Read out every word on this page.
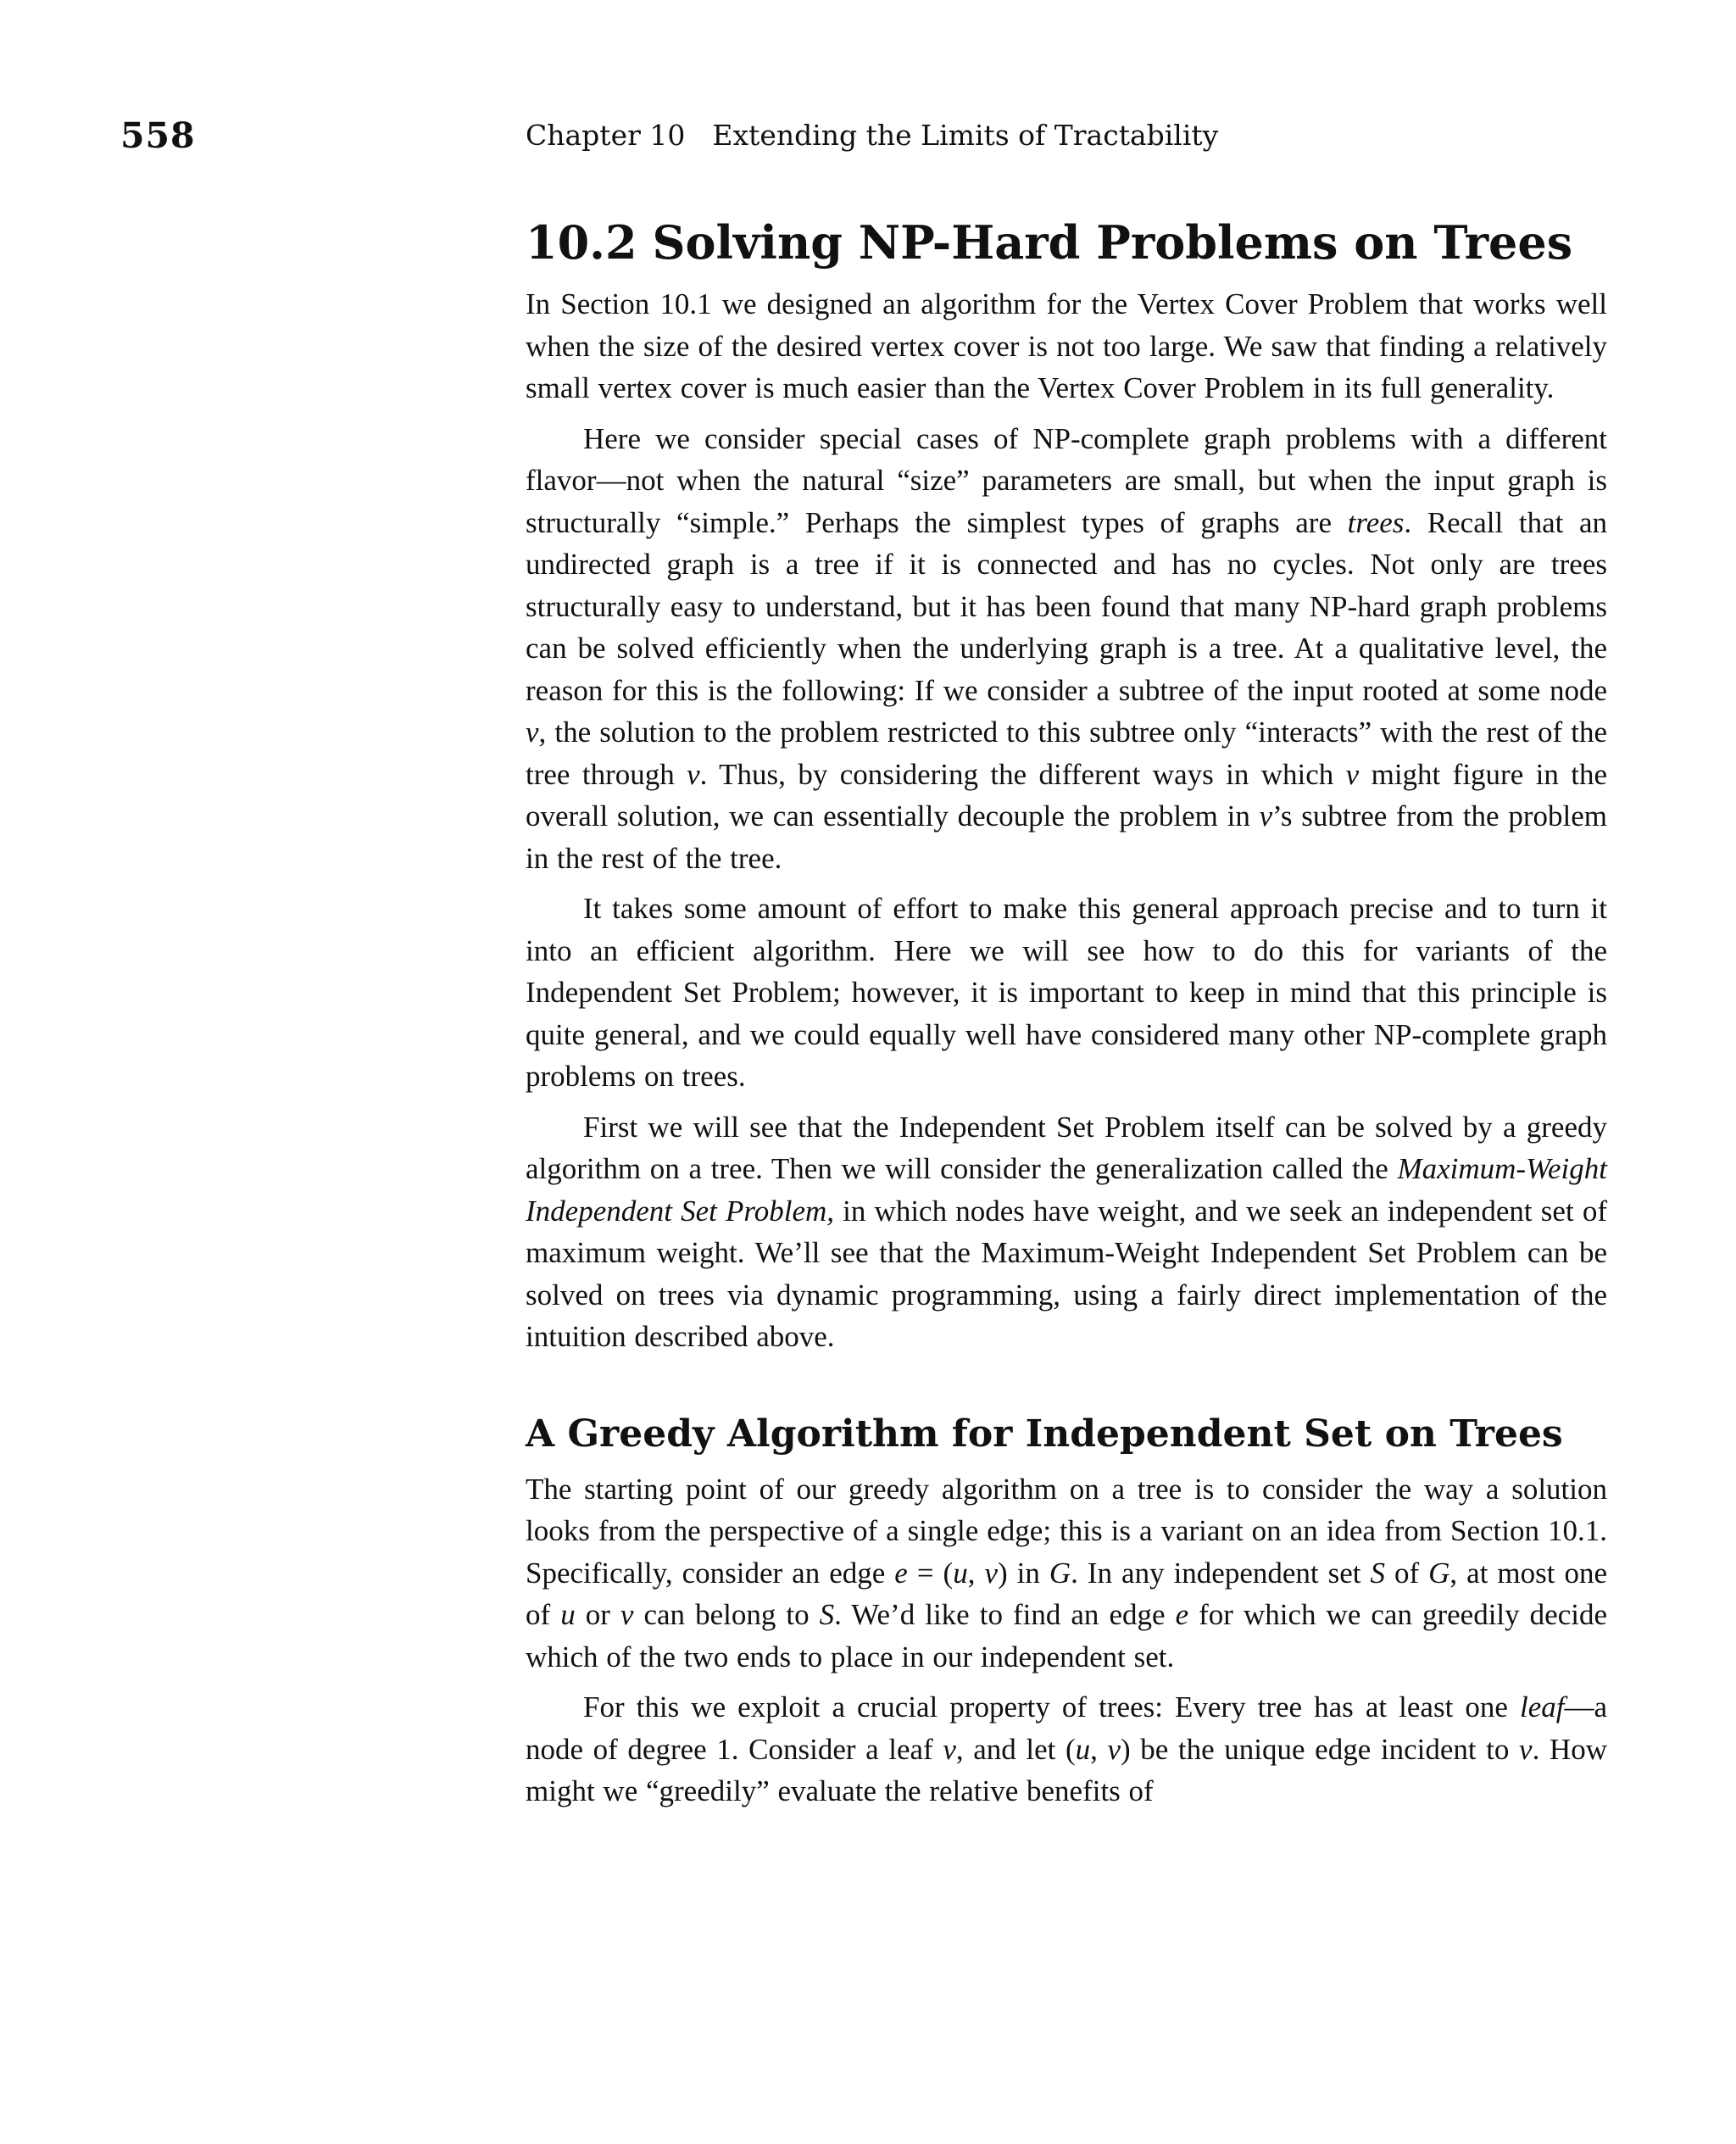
558	Chapter 10 Extending the Limits of Tractability
10.2 Solving NP-Hard Problems on Trees

In Section 10.1 we designed an algorithm for the Vertex Cover Problem that works well when the size of the desired vertex cover is not too large. We saw that finding a relatively small vertex cover is much easier than the Vertex Cover Problem in its full generality.

Here we consider special cases of NP-complete graph problems with a different flavor—not when the natural “size” parameters are small, but when the input graph is structurally “simple.” Perhaps the simplest types of graphs are trees. Recall that an undirected graph is a tree if it is connected and has no cycles. Not only are trees structurally easy to understand, but it has been found that many NP-hard graph problems can be solved efficiently when the underlying graph is a tree. At a qualitative level, the reason for this is the following: If we consider a subtree of the input rooted at some node v, the solution to the problem restricted to this subtree only “interacts” with the rest of the tree through v. Thus, by considering the different ways in which v might figure in the overall solution, we can essentially decouple the problem in v’s subtree from the problem in the rest of the tree.

It takes some amount of effort to make this general approach precise and to turn it into an efficient algorithm. Here we will see how to do this for variants of the Independent Set Problem; however, it is important to keep in mind that this principle is quite general, and we could equally well have considered many other NP-complete graph problems on trees.

First we will see that the Independent Set Problem itself can be solved by a greedy algorithm on a tree. Then we will consider the generalization called the Maximum-Weight Independent Set Problem, in which nodes have weight, and we seek an independent set of maximum weight. We’ll see that the Maximum-Weight Independent Set Problem can be solved on trees via dynamic programming, using a fairly direct implementation of the intuition described above.

A Greedy Algorithm for Independent Set on Trees

The starting point of our greedy algorithm on a tree is to consider the way a solution looks from the perspective of a single edge; this is a variant on an idea from Section 10.1. Specifically, consider an edge e = (u, v) in G. In any independent set S of G, at most one of u or v can belong to S. We’d like to find an edge e for which we can greedily decide which of the two ends to place in our independent set.

For this we exploit a crucial property of trees: Every tree has at least one leaf—a node of degree 1. Consider a leaf v, and let (u, v) be the unique edge incident to v. How might we “greedily” evaluate the relative benefits of
